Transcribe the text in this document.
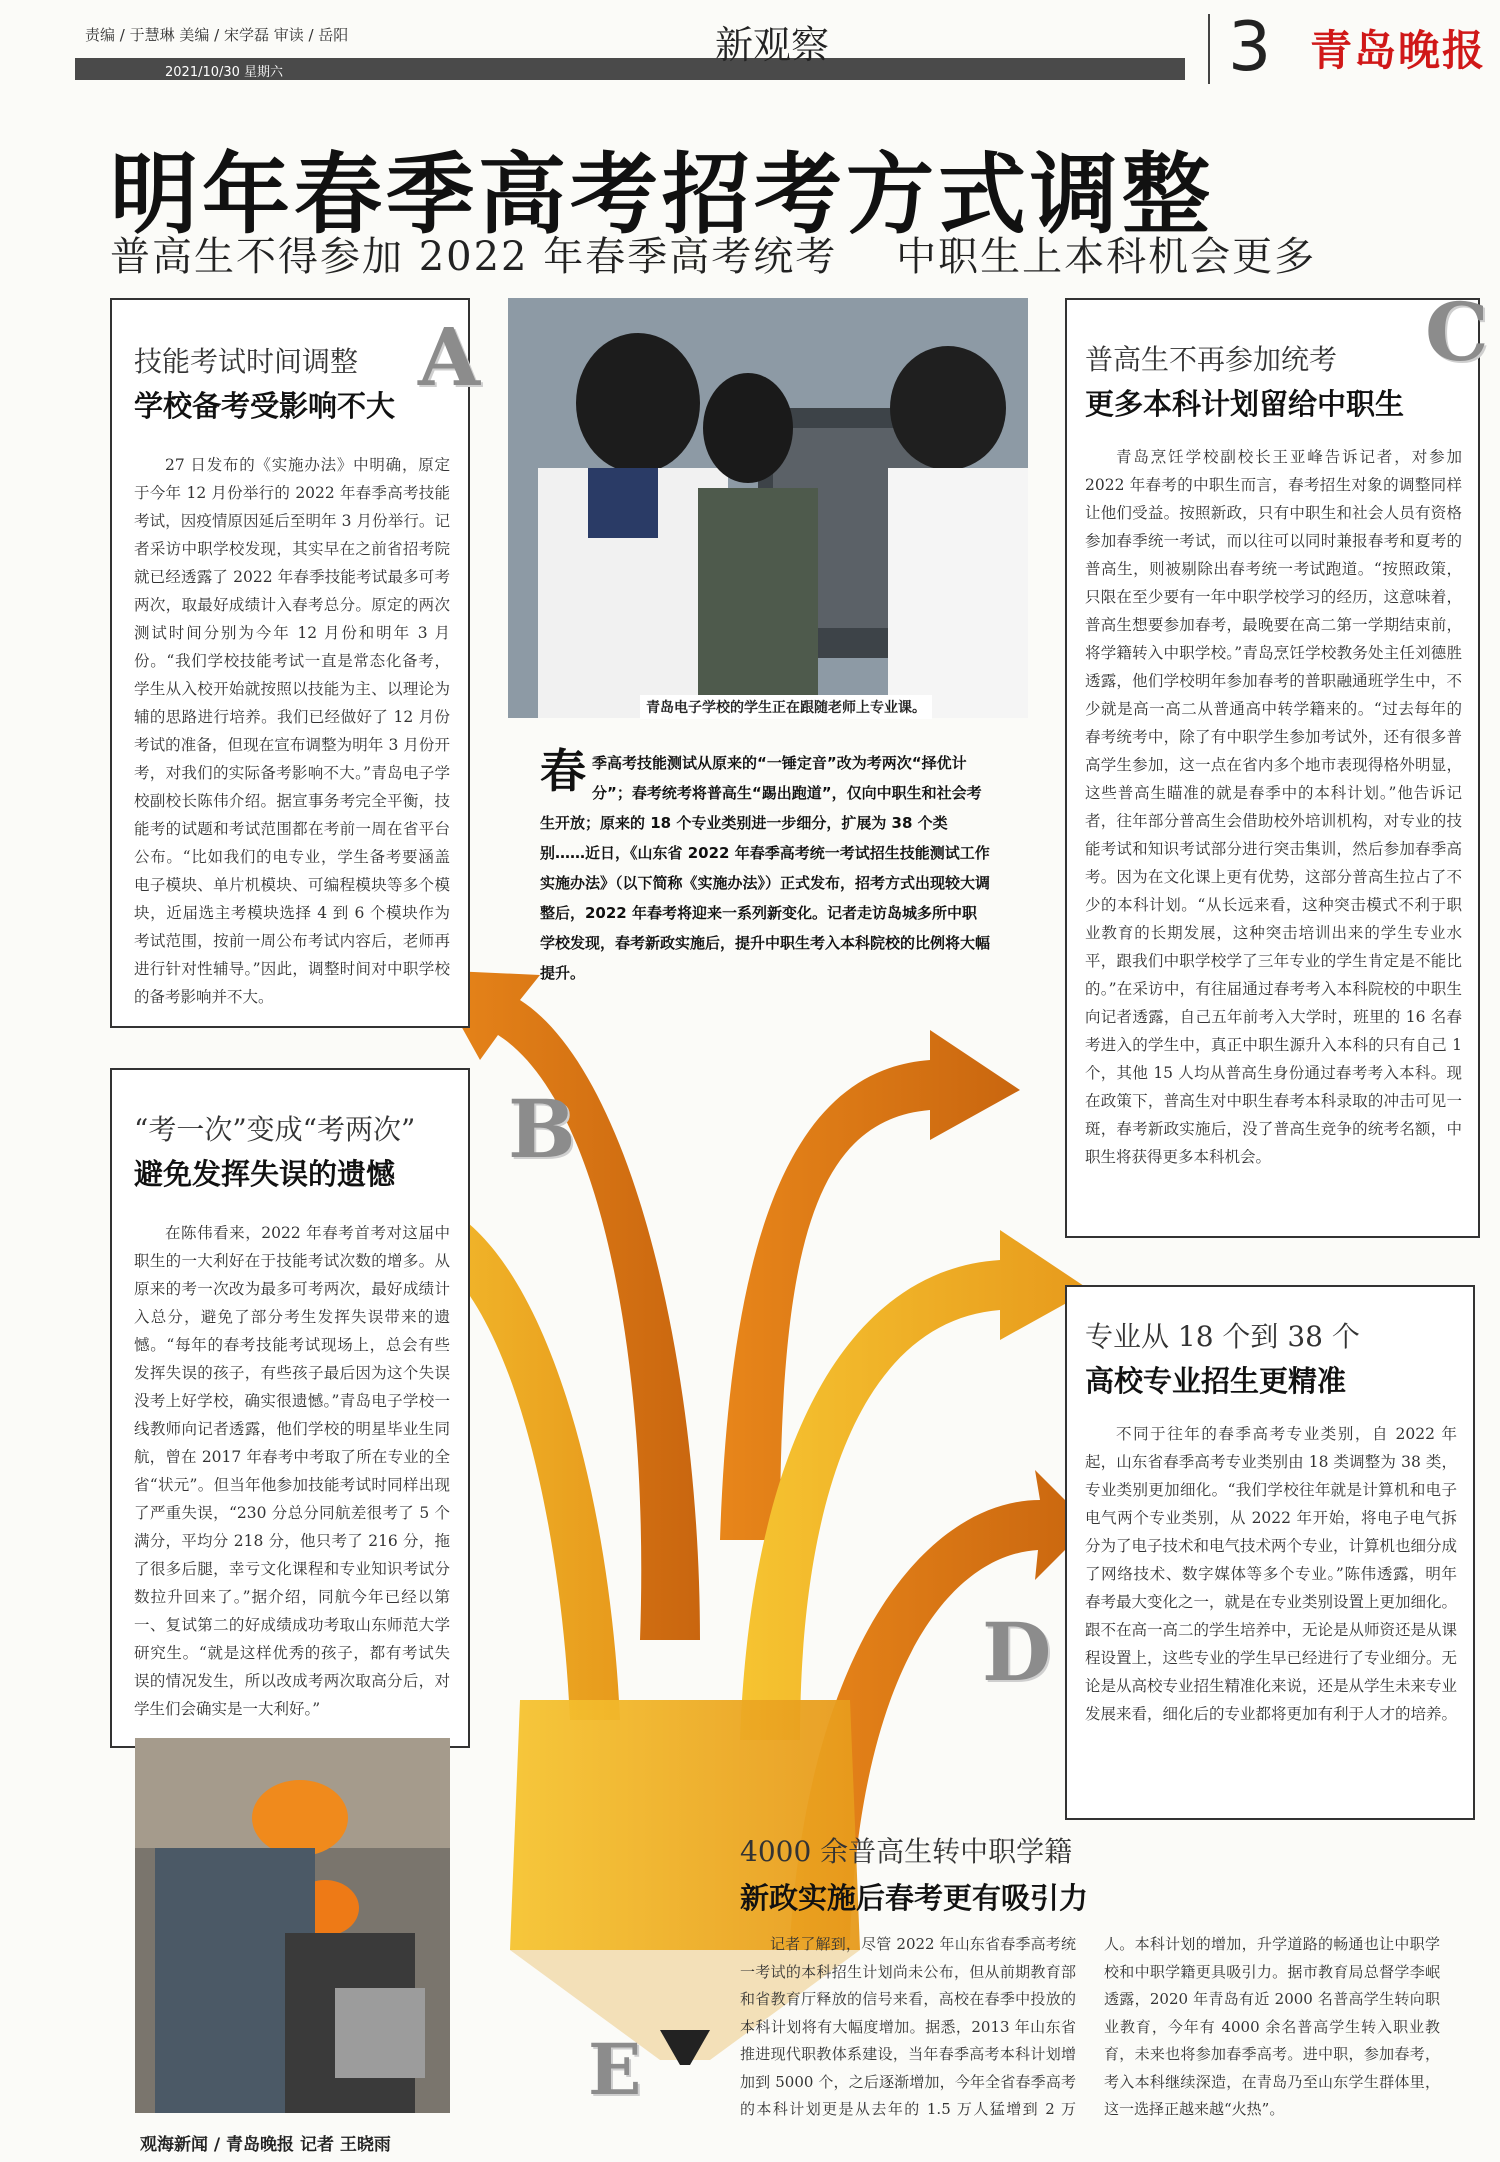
责编 / 于慧琳 美编 / 宋学磊 审读 / 岳阳
2021/10/30 星期六
新观察	3 青岛晚报
明年春季高考招考方式调整
普高生不得参加 2022 年春季高考统考    中职生上本科机会更多
技能考试时间调整
学校备考受影响不大
27 日发布的《实施办法》中明确，原定于今年 12 月份举行的 2022 年春季高考技能考试，因疫情原因延后至明年 3 月份举行。记者采访中职学校发现，其实早在之前省招考院就已经透露了 2022 年春季技能考试最多可考两次，取最好成绩计入春考总分。原定的两次测试时间分别为今年 12 月份和明年 3 月份。“我们学校技能考试一直是常态化备考，学生从入校开始就按照以技能为主、以理论为辅的思路进行培养。我们已经做好了 12 月份考试的准备，但现在宣布调整为明年 3 月份开考，对我们的实际备考影响不大。”青岛电子学校副校长陈伟介绍。据宣事务考完全平衡，技能考的试题和考试范围都在考前一周在省平台公布。“比如我们的电专业，学生备考要涵盖电子模块、单片机模块、可编程模块等多个模块，近届选主考模块选择 4 到 6 个模块作为考试范围，按前一周公布考试内容后，老师再进行针对性辅导。”因此，调整时间对中职学校的备考影响并不大。
A
青岛电子学校的学生正在跟随老师上专业课。
春 季高考技能测试从原来的“一锤定音”改为考两次“择优计分”；春考统考将普高生“踢出跑道”，仅向中职生和社会考生开放；原来的 18 个专业类别进一步细分，扩展为 38 个类别……近日，《山东省 2022 年春季高考统一考试招生技能测试工作实施办法》（以下简称《实施办法》）正式发布，招考方式出现较大调整后，2022 年春考将迎来一系列新变化。记者走访岛城多所中职学校发现，春考新政实施后，提升中职生考入本科院校的比例将大幅提升。
普高生不再参加统考
更多本科计划留给中职生
青岛烹饪学校副校长王亚峰告诉记者，对参加 2022 年春考的中职生而言，春考招生对象的调整同样让他们受益。按照新政，只有中职生和社会人员有资格参加春季统一考试，而以往可以同时兼报春考和夏考的普高生，则被剔除出春考统一考试跑道。“按照政策，只限在至少要有一年中职学校学习的经历，这意味着，普高生想要参加春考，最晚要在高二第一学期结束前，将学籍转入中职学校。”青岛烹饪学校教务处主任刘德胜透露，他们学校明年参加春考的普职融通班学生中，不少就是高一高二从普通高中转学籍来的。“过去每年的春考统考中，除了有中职学生参加考试外，还有很多普高学生参加，这一点在省内多个地市表现得格外明显，这些普高生瞄准的就是春季中的本科计划。”他告诉记者，往年部分普高生会借助校外培训机构，对专业的技能考试和知识考试部分进行突击集训，然后参加春季高考。因为在文化课上更有优势，这部分普高生拉占了不少的本科计划。“从长远来看，这种突击模式不利于职业教育的长期发展，这种突击培训出来的学生专业水平，跟我们中职学校学了三年专业的学生肯定是不能比的。”在采访中，有往届通过春考考入本科院校的中职生向记者透露，自己五年前考入大学时，班里的 16 名春考进入的学生中，真正中职生源升入本科的只有自己 1 个，其他 15 人均从普高生身份通过春考考入本科。现在政策下，普高生对中职生春考本科录取的冲击可见一斑，春考新政实施后，没了普高生竞争的统考名额，中职生将获得更多本科机会。
C
“考一次”变成“考两次”
避免发挥失误的遗憾
在陈伟看来，2022 年春考首考对这届中职生的一大利好在于技能考试次数的增多。从原来的考一次改为最多可考两次，最好成绩计入总分，避免了部分考生发挥失误带来的遗憾。“每年的春考技能考试现场上，总会有些发挥失误的孩子，有些孩子最后因为这个失误没考上好学校，确实很遗憾。”青岛电子学校一线教师向记者透露，他们学校的明星毕业生同航，曾在 2017 年春考中考取了所在专业的全省“状元”。但当年他参加技能考试时同样出现了严重失误，“230 分总分同航差很考了 5 个满分，平均分 218 分，他只考了 216 分，拖了很多后腿，幸亏文化课程和专业知识考试分数拉升回来了。”据介绍，同航今年已经以第一、复试第二的好成绩成功考取山东师范大学研究生。“就是这样优秀的孩子，都有考试失误的情况发生，所以改成考两次取高分后，对学生们会确实是一大利好。”
B
专业从 18 个到 38 个
高校专业招生更精准
不同于往年的春季高考专业类别，自 2022 年起，山东省春季高考专业类别由 18 类调整为 38 类，专业类别更加细化。“我们学校往年就是计算机和电子电气两个专业类别，从 2022 年开始，将电子电气拆分为了电子技术和电气技术两个专业，计算机也细分成了网络技术、数字媒体等多个专业。”陈伟透露，明年春考最大变化之一，就是在专业类别设置上更加细化。跟不在高一高二的学生培养中，无论是从师资还是从课程设置上，这些专业的学生早已经进行了专业细分。无论是从高校专业招生精准化来说，还是从学生未来专业发展来看，细化后的专业都将更加有利于人才的培养。
D
4000 余普高生转中职学籍
新政实施后春考更有吸引力
记者了解到，尽管 2022 年山东省春季高考统一考试的本科招生计划尚未公布，但从前期教育部和省教育厅释放的信号来看，高校在春季中投放的本科计划将有大幅度增加。据悉，2013 年山东省推进现代职教体系建设，当年春季高考本科计划增加到 5000 个，之后逐渐增加，今年全省春季高考的本科计划更是从去年的 1.5 万人猛增到 2 万人。本科计划的增加，升学道路的畅通也让中职学校和中职学籍更具吸引力。据市教育局总督学李岷透露，2020 年青岛有近 2000 名普高学生转向职业教育，今年有 4000 余名普高学生转入职业教育，未来也将参加春季高考。进中职，参加春考，考入本科继续深造，在青岛乃至山东学生群体里，这一选择正越来越“火热”。
E
观海新闻 / 青岛晚报 记者 王晓雨
